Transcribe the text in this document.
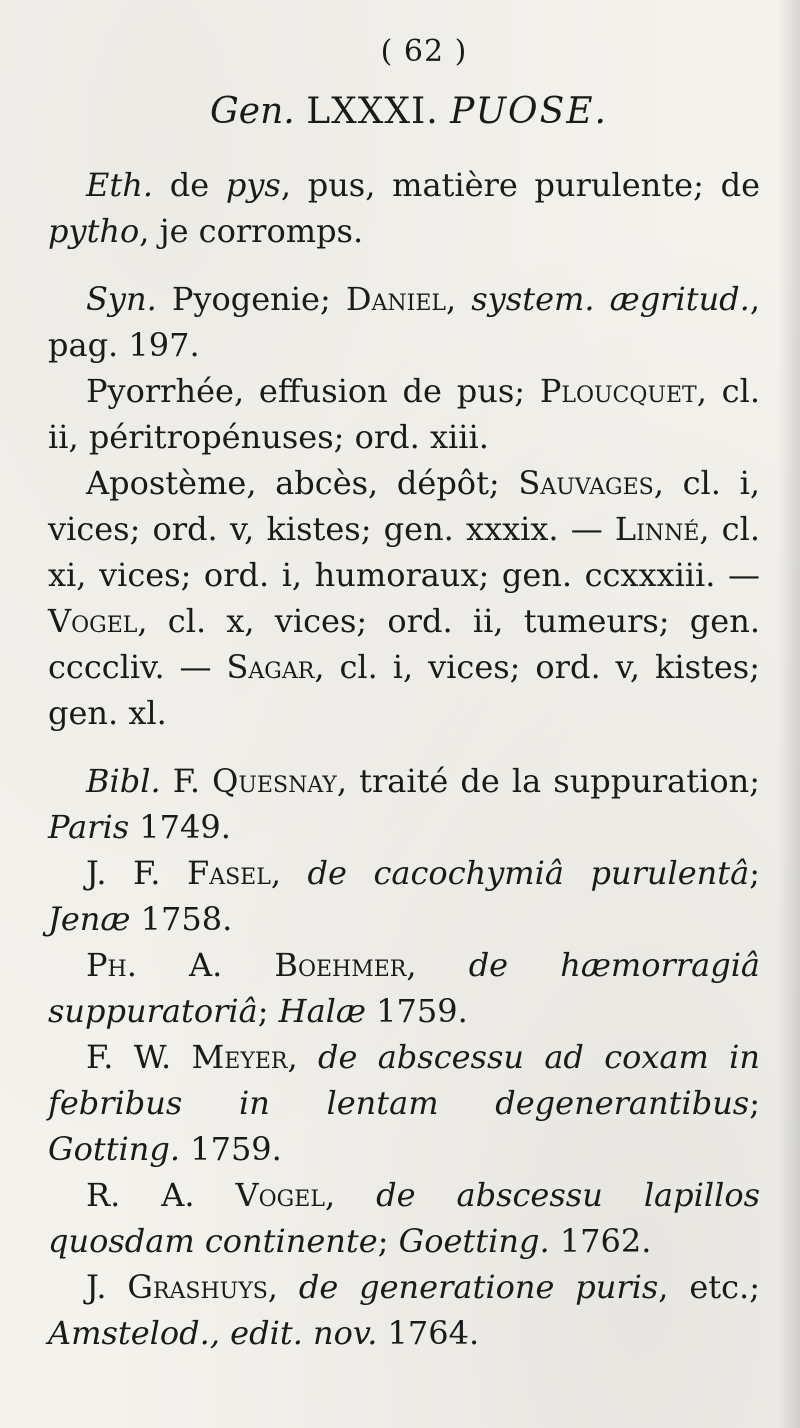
( 62 )
Gen. LXXXI. PUOSE.

Eth. de pys, pus, matière purulente; de pytho, je corromps.

Syn. Pyogenie; Daniel, system. ægritud., pag. 197.

Pyorrhée, effusion de pus; Ploucquet, cl. ii, péritropénuses; ord. xiii.

Apostème, abcès, dépôt; Sauvages, cl. i, vices; ord. v, kistes; gen. xxxix. — Linné, cl. xi, vices; ord. i, humoraux; gen. ccxxxiii. — Vogel, cl. x, vices; ord. ii, tumeurs; gen. ccccliv. — Sagar, cl. i, vices; ord. v, kistes; gen. xl.

Bibl. F. Quesnay, traité de la suppuration; Paris 1749.

J. F. Fasel, de cacochymiâ purulentâ; Jenæ 1758.

Ph. A. Boehmer, de hæmorragiâ suppuratoriâ; Halæ 1759.

F. W. Meyer, de abscessu ad coxam in febribus in lentam degenerantibus; Gotting. 1759.

R. A. Vogel, de abscessu lapillos quosdam continente; Goetting. 1762.

J. Grashuys, de generatione puris, etc.; Amstelod., edit. nov. 1764.
